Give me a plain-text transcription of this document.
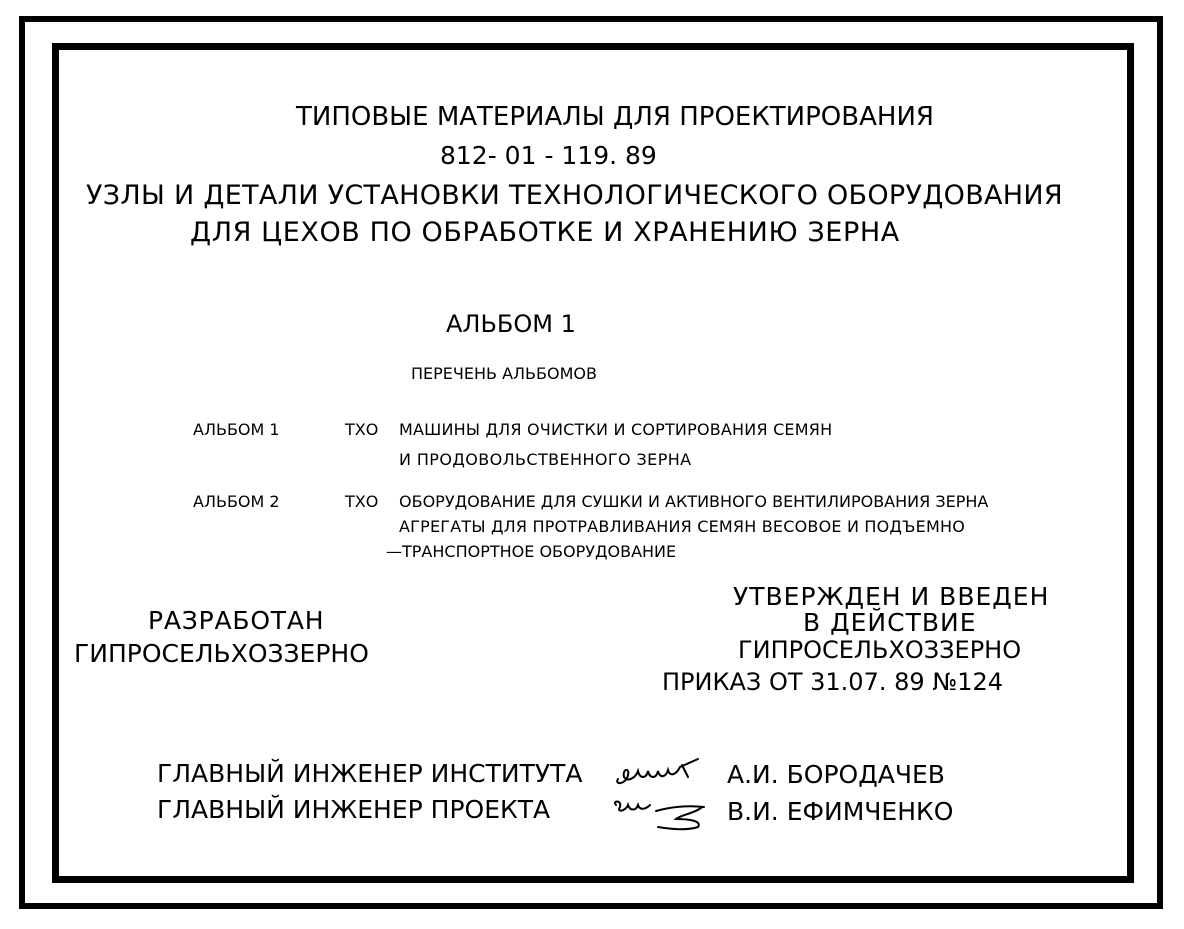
ТИПОВЫЕ МАТЕРИАЛЫ ДЛЯ ПРОЕКТИРОВАНИЯ
812- 01 - 119. 89
УЗЛЫ И ДЕТАЛИ УСТАНОВКИ ТЕХНОЛОГИЧЕСКОГО ОБОРУДОВАНИЯ
ДЛЯ ЦЕХОВ ПО ОБРАБОТКЕ И ХРАНЕНИЮ ЗЕРНА
АЛЬБОМ 1
ПЕРЕЧЕНЬ АЛЬБОМОВ
АЛЬБОМ 1	ТХО МАШИНЫ ДЛЯ ОЧИСТКИ И СОРТИРОВАНИЯ СЕМЯН
И ПРОДОВОЛЬСТВЕННОГО ЗЕРНА
АЛЬБОМ 2	ТХО ОБОРУДОВАНИЕ ДЛЯ СУШКИ И АКТИВНОГО ВЕНТИЛИРОВАНИЯ ЗЕРНА
АГРЕГАТЫ ДЛЯ ПРОТРАВЛИВАНИЯ СЕМЯН ВЕСОВОЕ И ПОДЪЕМНО
—ТРАНСПОРТНОЕ ОБОРУДОВАНИЕ
РАЗРАБОТАН
ГИПРОСЕЛЬХОЗЗЕРНО
УТВЕРЖДЕН И ВВЕДЕН
В ДЕЙСТВИЕ
ГИПРОСЕЛЬХОЗЗЕРНО
ПРИКАЗ ОТ 31.07. 89 №124
ГЛАВНЫЙ ИНЖЕНЕР ИНСТИТУТА	А.И. БОРОДАЧЕВ
ГЛАВНЫЙ ИНЖЕНЕР ПРОЕКТА	В.И. ЕФИМЧЕНКО
